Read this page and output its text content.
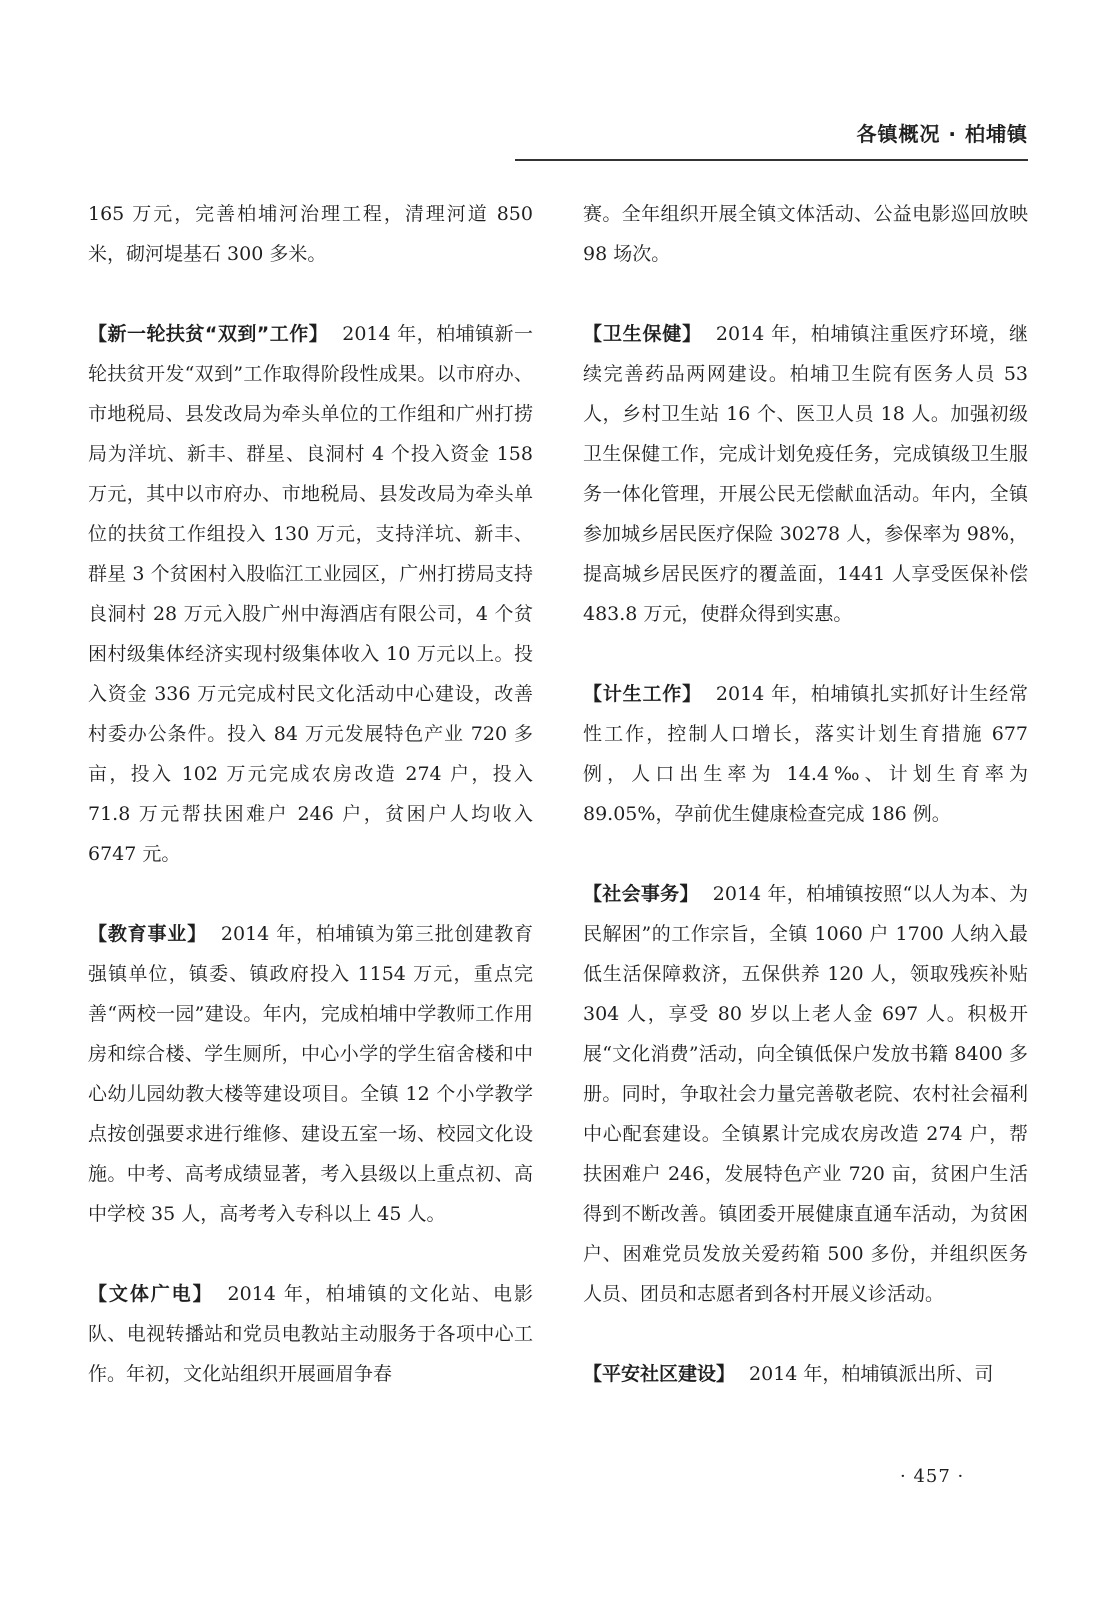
各镇概况 · 柏埔镇

165 万元，完善柏埔河治理工程，清理河道 850 米，砌河堤基石 300 多米。

【新一轮扶贫“双到”工作】 2014 年，柏埔镇新一轮扶贫开发“双到”工作取得阶段性成果。以市府办、市地税局、县发改局为牵头单位的工作组和广州打捞局为洋坑、新丰、群星、良洞村 4 个投入资金 158 万元，其中以市府办、市地税局、县发改局为牵头单位的扶贫工作组投入 130 万元，支持洋坑、新丰、群星 3 个贫困村入股临江工业园区，广州打捞局支持良洞村 28 万元入股广州中海酒店有限公司，4 个贫困村级集体经济实现村级集体收入 10 万元以上。投入资金 336 万元完成村民文化活动中心建设，改善村委办公条件。投入 84 万元发展特色产业 720 多亩，投入 102 万元完成农房改造 274 户，投入 71.8 万元帮扶困难户 246 户，贫困户人均收入 6747 元。

【教育事业】 2014 年，柏埔镇为第三批创建教育强镇单位，镇委、镇政府投入 1154 万元，重点完善“两校一园”建设。年内，完成柏埔中学教师工作用房和综合楼、学生厕所，中心小学的学生宿舍楼和中心幼儿园幼教大楼等建设项目。全镇 12 个小学教学点按创强要求进行维修、建设五室一场、校园文化设施。中考、高考成绩显著，考入县级以上重点初、高中学校 35 人，高考考入专科以上 45 人。

【文体广电】 2014 年，柏埔镇的文化站、电影队、电视转播站和党员电教站主动服务于各项中心工作。年初，文化站组织开展画眉争春

赛。全年组织开展全镇文体活动、公益电影巡回放映 98 场次。

【卫生保健】 2014 年，柏埔镇注重医疗环境，继续完善药品两网建设。柏埔卫生院有医务人员 53 人，乡村卫生站 16 个、医卫人员 18 人。加强初级卫生保健工作，完成计划免疫任务，完成镇级卫生服务一体化管理，开展公民无偿献血活动。年内，全镇参加城乡居民医疗保险 30278 人，参保率为 98%，提高城乡居民医疗的覆盖面，1441 人享受医保补偿 483.8 万元，使群众得到实惠。

【计生工作】 2014 年，柏埔镇扎实抓好计生经常性工作，控制人口增长，落实计划生育措施 677 例，人口出生率为 14.4‰、计划生育率为 89.05%，孕前优生健康检查完成 186 例。

【社会事务】 2014 年，柏埔镇按照“以人为本、为民解困”的工作宗旨，全镇 1060 户 1700 人纳入最低生活保障救济，五保供养 120 人，领取残疾补贴 304 人，享受 80 岁以上老人金 697 人。积极开展“文化消费”活动，向全镇低保户发放书籍 8400 多册。同时，争取社会力量完善敬老院、农村社会福利中心配套建设。全镇累计完成农房改造 274 户，帮扶困难户 246，发展特色产业 720 亩，贫困户生活得到不断改善。镇团委开展健康直通车活动，为贫困户、困难党员发放关爱药箱 500 多份，并组织医务人员、团员和志愿者到各村开展义诊活动。

【平安社区建设】 2014 年，柏埔镇派出所、司

· 457 ·
